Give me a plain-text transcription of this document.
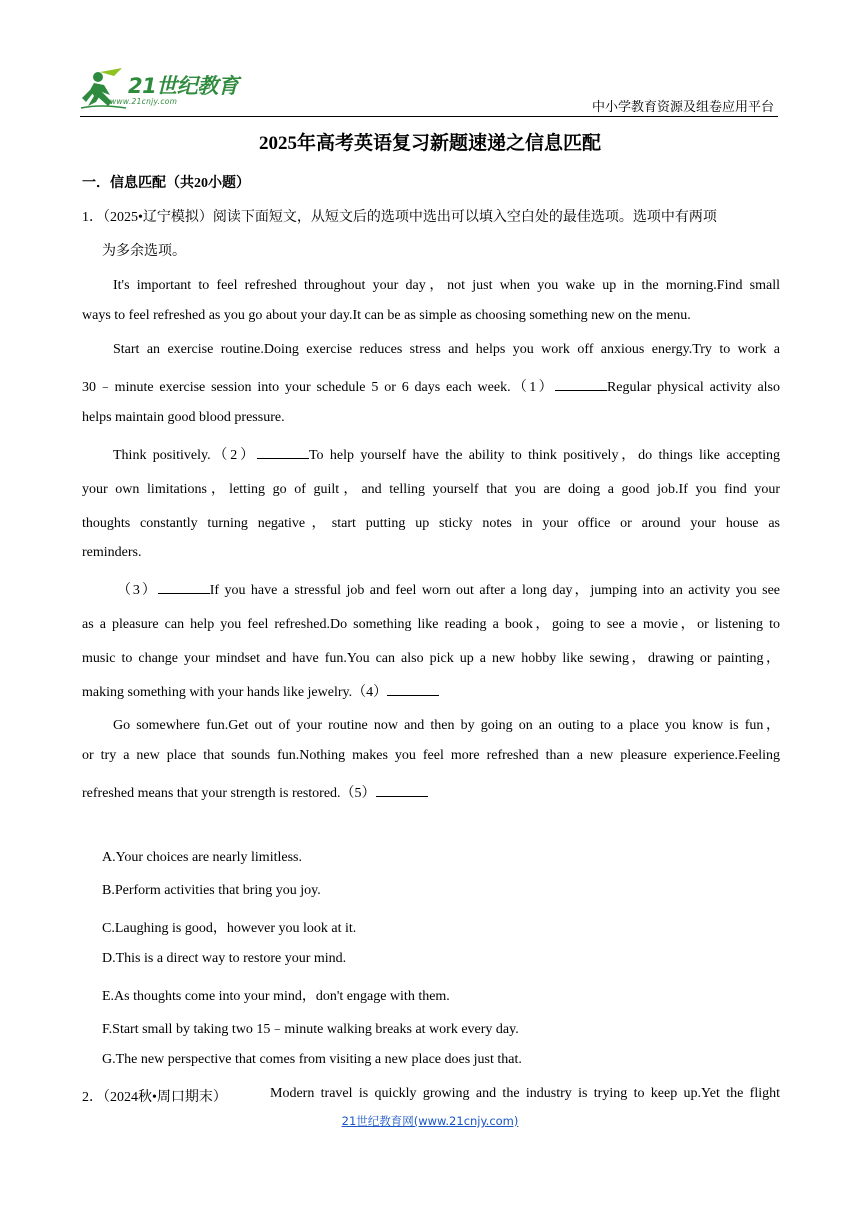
21世纪教育
www.21cnjy.com	中小学教育资源及组卷应用平台
2025年高考英语复习新题速递之信息匹配
一．信息匹配（共20小题）
1．（2025•辽宁模拟）阅读下面短文，从短文后的选项中选出可以填入空白处的最佳选项。选项中有两项
为多余选项。
It's important to feel refreshed throughout your day，not just when you wake up in the morning.Find small
ways to feel refreshed as you go about your day.It can be as simple as choosing something new on the menu.
Start an exercise routine.Doing exercise reduces stress and helps you work off anxious energy.Try to work a
30﹣minute exercise session into your schedule 5 or 6 days each week.（1）	Regular physical activity also
helps maintain good blood pressure.
Think positively.（2）	To help yourself have the ability to think positively，do things like accepting
your own limitations，letting go of guilt，and telling yourself that you are doing a good job.If you find your
thoughts constantly turning negative，start putting up sticky notes in your office or around your house as
reminders.
（3）	If you have a stressful job and feel worn out after a long day，jumping into an activity you see
as a pleasure can help you feel refreshed.Do something like reading a book，going to see a movie，or listening to
music to change your mindset and have fun.You can also pick up a new hobby like sewing，drawing or painting，
making something with your hands like jewelry.（4）
Go somewhere fun.Get out of your routine now and then by going on an outing to a place you know is fun，
or try a new place that sounds fun.Nothing makes you feel more refreshed than a new pleasure experience.Feeling
refreshed means that your strength is restored.（5）
A.Your choices are nearly limitless.
B.Perform activities that bring you joy.
C.Laughing is good，however you look at it.
D.This is a direct way to restore your mind.
E.As thoughts come into your mind，don't engage with them.
F.Start small by taking two 15﹣minute walking breaks at work every day.
G.The new perspective that comes from visiting a new place does just that.
2．（2024秋•周口期末）	Modern travel is quickly growing and the industry is trying to keep up.Yet the flight
21世纪教育网(www.21cnjy.com)
